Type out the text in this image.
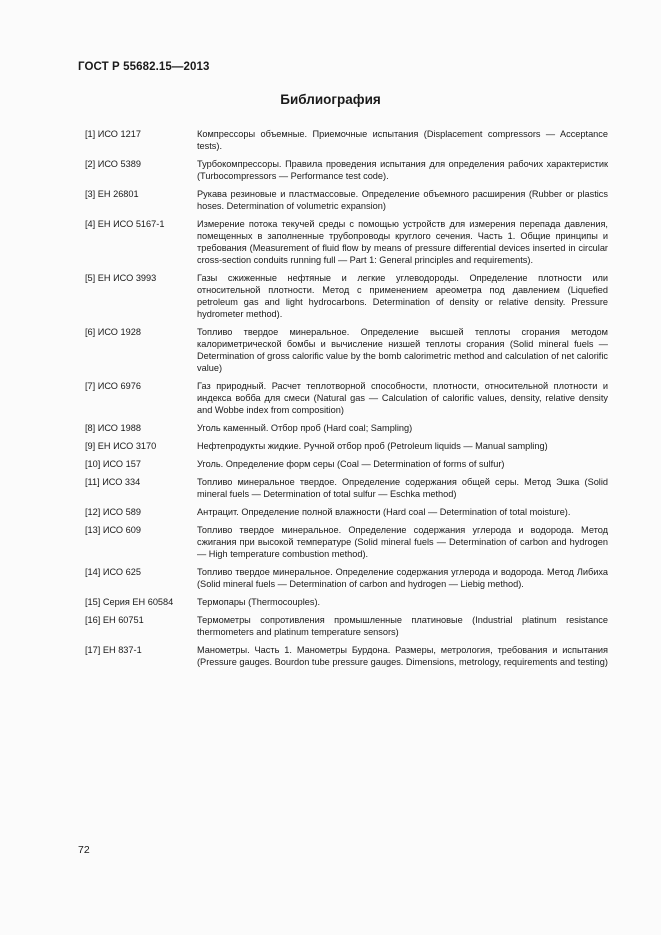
ГОСТ Р 55682.15—2013
Библиография
[1] ИСО 1217	Компрессоры объемные. Приемочные испытания (Displacement compressors — Acceptance tests).
[2] ИСО 5389	Турбокомпрессоры. Правила проведения испытания для определения рабочих характеристик (Turbocompressors — Performance test code).
[3] ЕН 26801	Рукава резиновые и пластмассовые. Определение объемного расширения (Rubber or plastics hoses. Determination of volumetric expansion)
[4] ЕН ИСО 5167-1	Измерение потока текучей среды с помощью устройств для измерения перепада давления, помещенных в заполненные трубопроводы круглого сечения. Часть 1. Общие принципы и требования (Measurement of fluid flow by means of pressure differential devices inserted in circular cross-section conduits running full — Part 1: General principles and requirements).
[5] ЕН ИСО 3993	Газы сжиженные нефтяные и легкие углеводороды. Определение плотности или относительной плотности. Метод с применением ареометра под давлением (Liquefied petroleum gas and light hydrocarbons. Determination of density or relative density. Pressure hydrometer method).
[6] ИСО 1928	Топливо твердое минеральное. Определение высшей теплоты сгорания методом калориметрической бомбы и вычисление низшей теплоты сгорания (Solid mineral fuels — Determination of gross calorific value by the bomb calorimetric method and calculation of net calorific value)
[7] ИСО 6976	Газ природный. Расчет теплотворной способности, плотности, относительной плотности и индекса вобба для смеси (Natural gas — Calculation of calorific values, density, relative density and Wobbe index from composition)
[8] ИСО 1988	Уголь каменный. Отбор проб (Hard coal; Sampling)
[9] ЕН ИСО 3170	Нефтепродукты жидкие. Ручной отбор проб (Petroleum liquids — Manual sampling)
[10] ИСО 157	Уголь. Определение форм серы (Coal — Determination of forms of sulfur)
[11] ИСО 334	Топливо минеральное твердое. Определение содержания общей серы. Метод Эшка (Solid mineral fuels — Determination of total sulfur — Eschka method)
[12] ИСО 589	Антрацит. Определение полной влажности (Hard coal — Determination of total moisture).
[13] ИСО 609	Топливо твердое минеральное. Определение содержания углерода и водорода. Метод сжигания при высокой температуре (Solid mineral fuels — Determination of carbon and hydrogen — High temperature combustion method).
[14] ИСО 625	Топливо твердое минеральное. Определение содержания углерода и водорода. Метод Либиха (Solid mineral fuels — Determination of carbon and hydrogen — Liebig method).
[15] Серия ЕН 60584	Термопары (Thermocouples).
[16] ЕН 60751	Термометры сопротивления промышленные платиновые (Industrial platinum resistance thermometers and platinum temperature sensors)
[17] ЕН 837-1	Манометры. Часть 1. Манометры Бурдона. Размеры, метрология, требования и испытания (Pressure gauges. Bourdon tube pressure gauges. Dimensions, metrology, requirements and testing)
72
